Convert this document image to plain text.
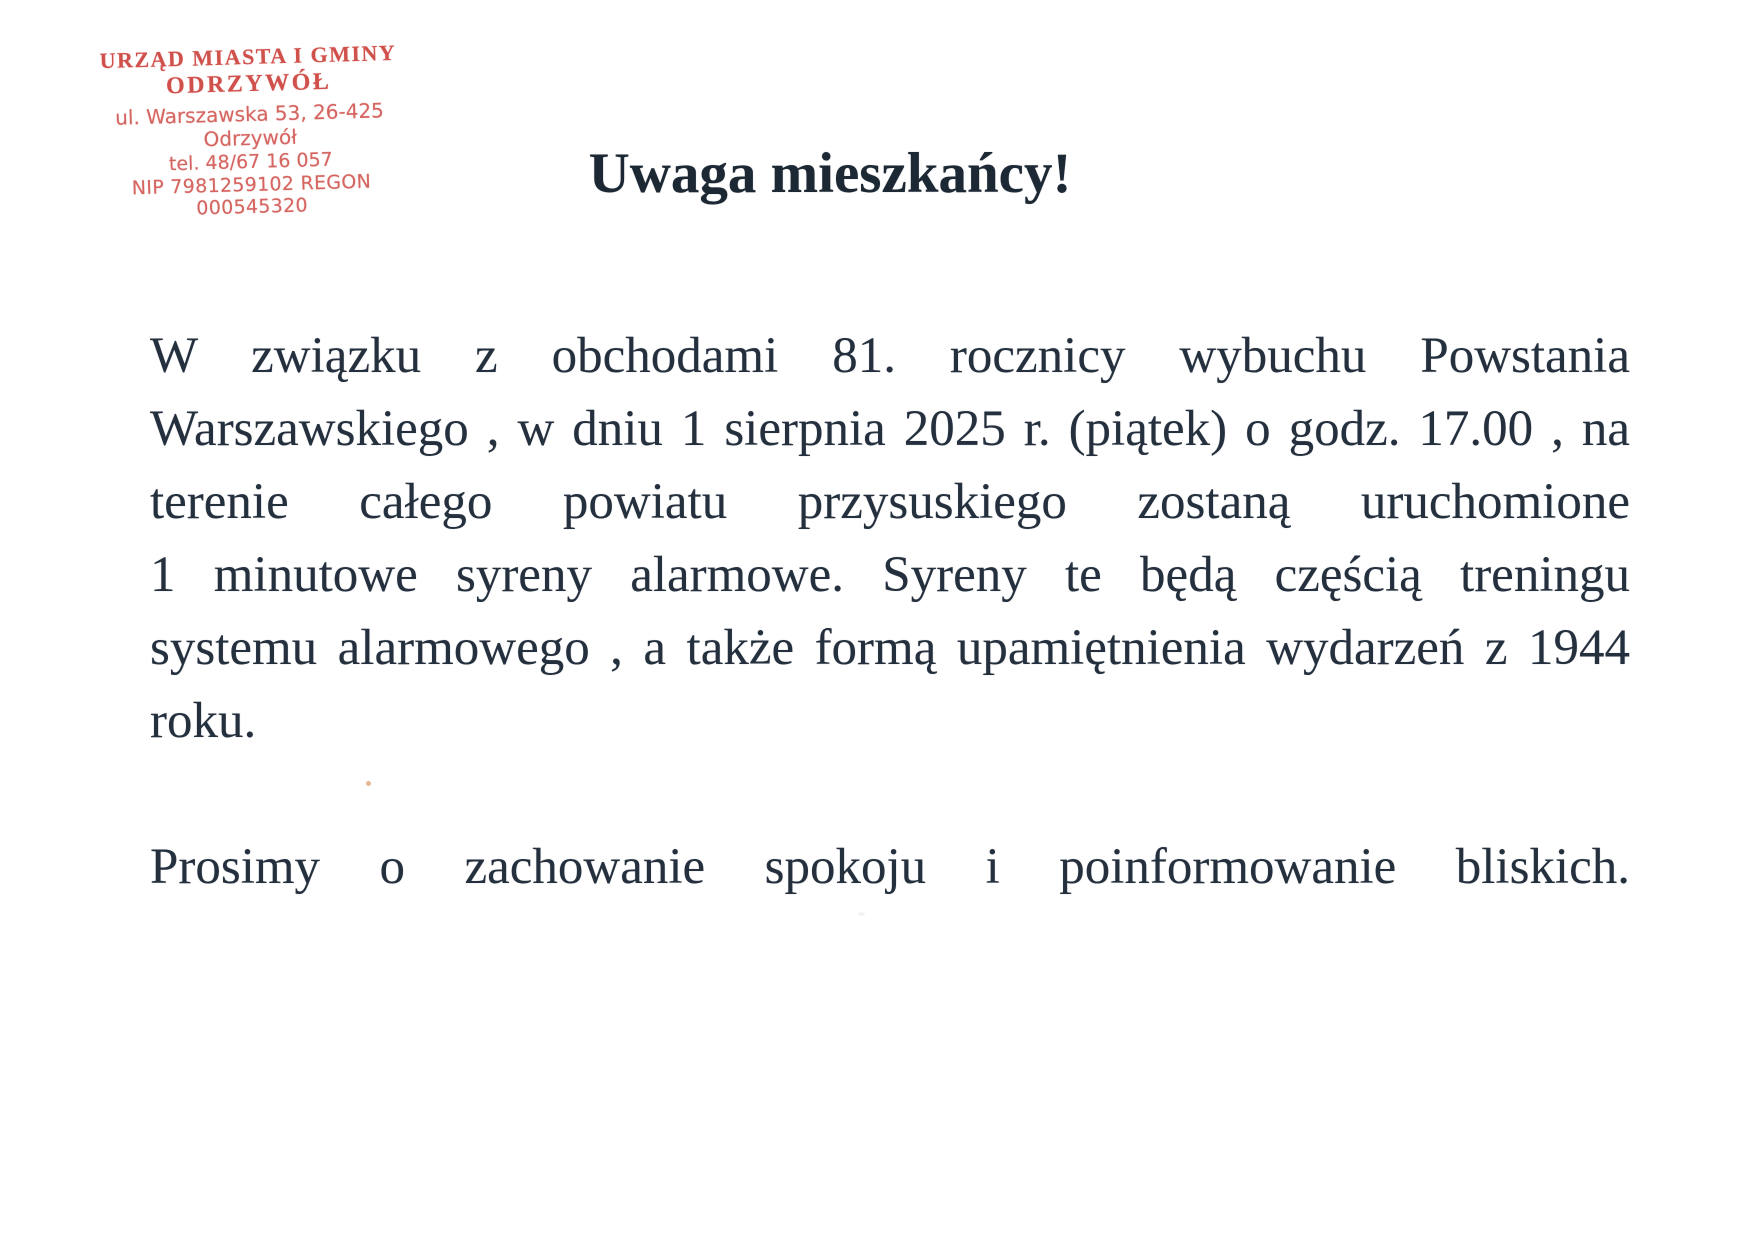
URZĄD MIASTA I GMINY
ODRZYWÓŁ
ul. Warszawska 53, 26-425 Odrzywół
tel. 48/67 16 057
NIP 7981259102 REGON 000545320
Uwaga mieszkańcy!
W związku z obchodami 81. rocznicy wybuchu Powstania
Warszawskiego , w dniu 1 sierpnia 2025 r. (piątek) o godz. 17.00 , na
terenie całego powiatu przysuskiego zostaną uruchomione
1 minutowe syreny alarmowe. Syreny te będą częścią treningu
systemu alarmowego , a także formą upamiętnienia wydarzeń z 1944
roku.
Prosimy o zachowanie spokoju i poinformowanie bliskich.
